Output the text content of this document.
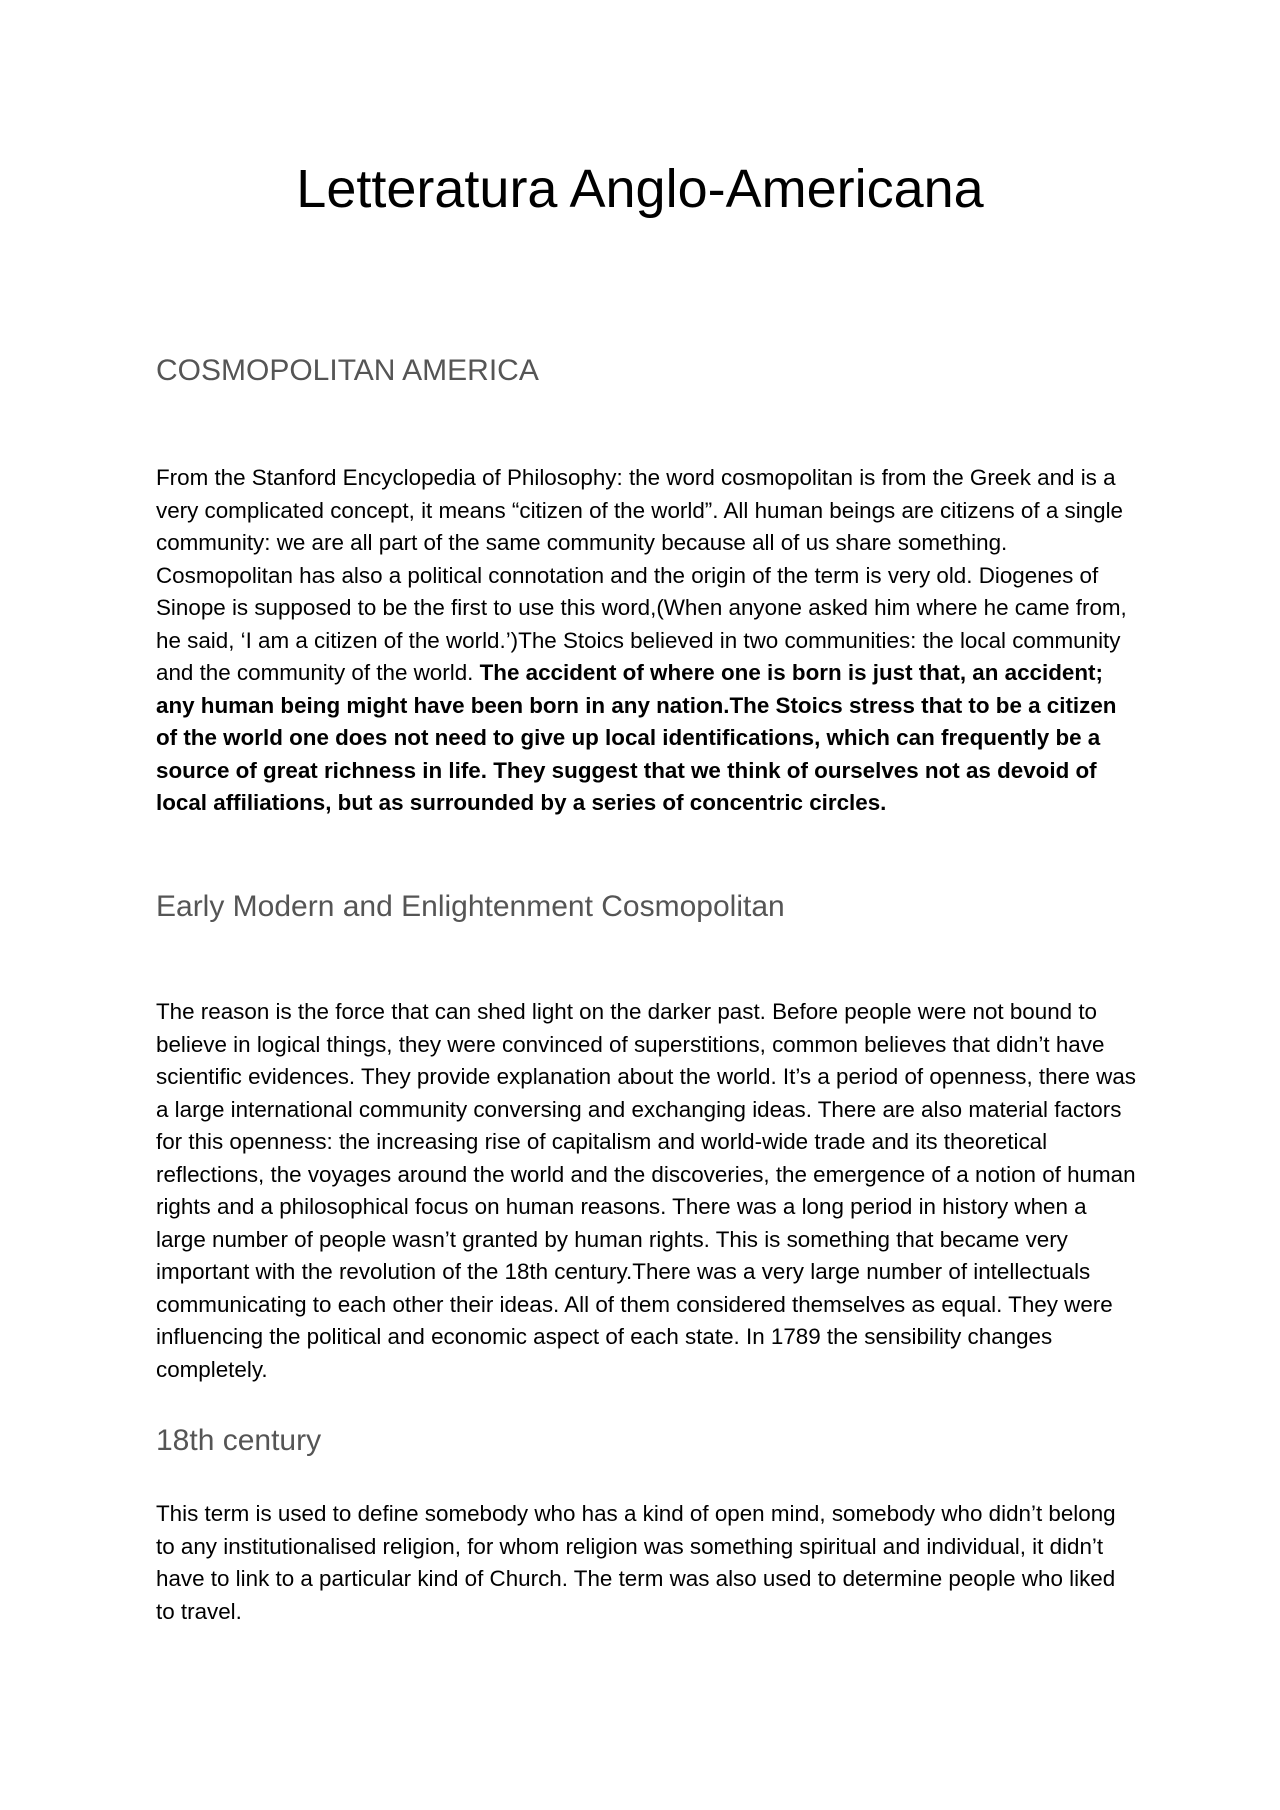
Letteratura Anglo-Americana
COSMOPOLITAN AMERICA

From the Stanford Encyclopedia of Philosophy: the word cosmopolitan is from the Greek and is a very complicated concept, it means “citizen of the world”. All human beings are citizens of a single community: we are all part of the same community because all of us share something. Cosmopolitan has also a political connotation and the origin of the term is very old. Diogenes of Sinope is supposed to be the first to use this word,(When anyone asked him where he came from, he said, ‘I am a citizen of the world.’)The Stoics believed in two communities: the local community and the community of the world. The accident of where one is born is just that, an accident; any human being might have been born in any nation.The Stoics stress that to be a citizen of the world one does not need to give up local identifications, which can frequently be a source of great richness in life. They suggest that we think of ourselves not as devoid of local affiliations, but as surrounded by a series of concentric circles.

Early Modern and Enlightenment Cosmopolitan

The reason is the force that can shed light on the darker past. Before people were not bound to believe in logical things, they were convinced of superstitions, common believes that didn’t have scientific evidences. They provide explanation about the world. It’s a period of openness, there was a large international community conversing and exchanging ideas. There are also material factors for this openness: the increasing rise of capitalism and world-wide trade and its theoretical reflections, the voyages around the world and the discoveries, the emergence of a notion of human rights and a philosophical focus on human reasons. There was a long period in history when a large number of people wasn’t granted by human rights. This is something that became very important with the revolution of the 18th century.There was a very large number of intellectuals communicating to each other their ideas. All of them considered themselves as equal. They were influencing the political and economic aspect of each state. In 1789 the sensibility changes completely.

18th century

This term is used to define somebody who has a kind of open mind, somebody who didn’t belong to any institutionalised religion, for whom religion was something spiritual and individual, it didn’t have to link to a particular kind of Church. The term was also used to determine people who liked to travel.
